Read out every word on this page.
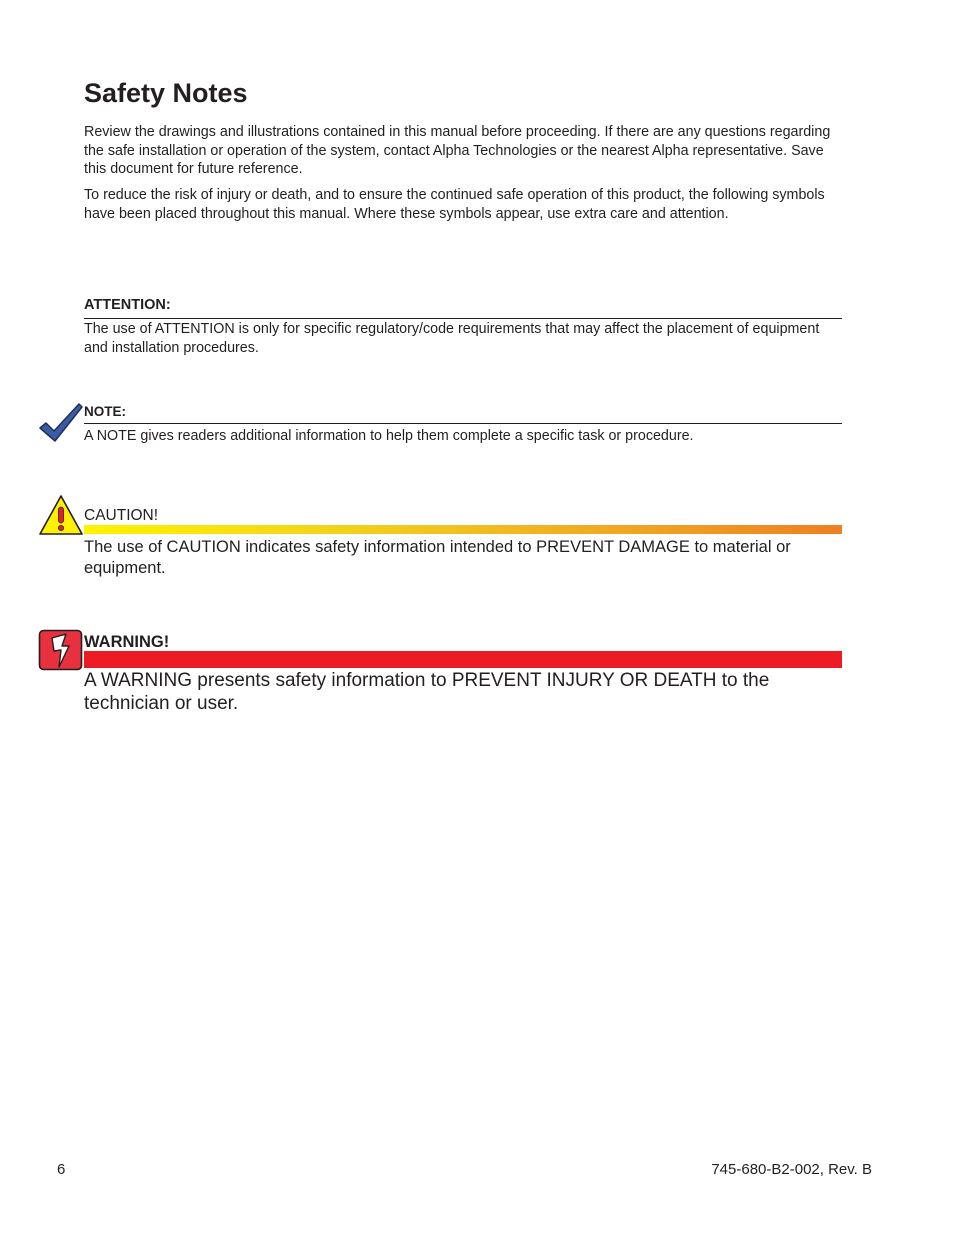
Safety Notes
Review the drawings and illustrations contained in this manual before proceeding. If there are any questions regarding the safe installation or operation of the system, contact Alpha Technologies or the nearest Alpha representative. Save this document for future reference.
To reduce the risk of injury or death, and to ensure the continued safe operation of this product, the following symbols have been placed throughout this manual. Where these symbols appear, use extra care and attention.
ATTENTION:
The use of ATTENTION is only for specific regulatory/code requirements that may affect the placement of equipment and installation procedures.
NOTE:
A NOTE gives readers additional information to help them complete a specific task or procedure.
CAUTION!
The use of CAUTION indicates safety information intended to PREVENT DAMAGE to material or equipment.
WARNING!
A WARNING presents safety information to PREVENT INJURY OR DEATH to the technician or user.
6	745-680-B2-002, Rev. B
